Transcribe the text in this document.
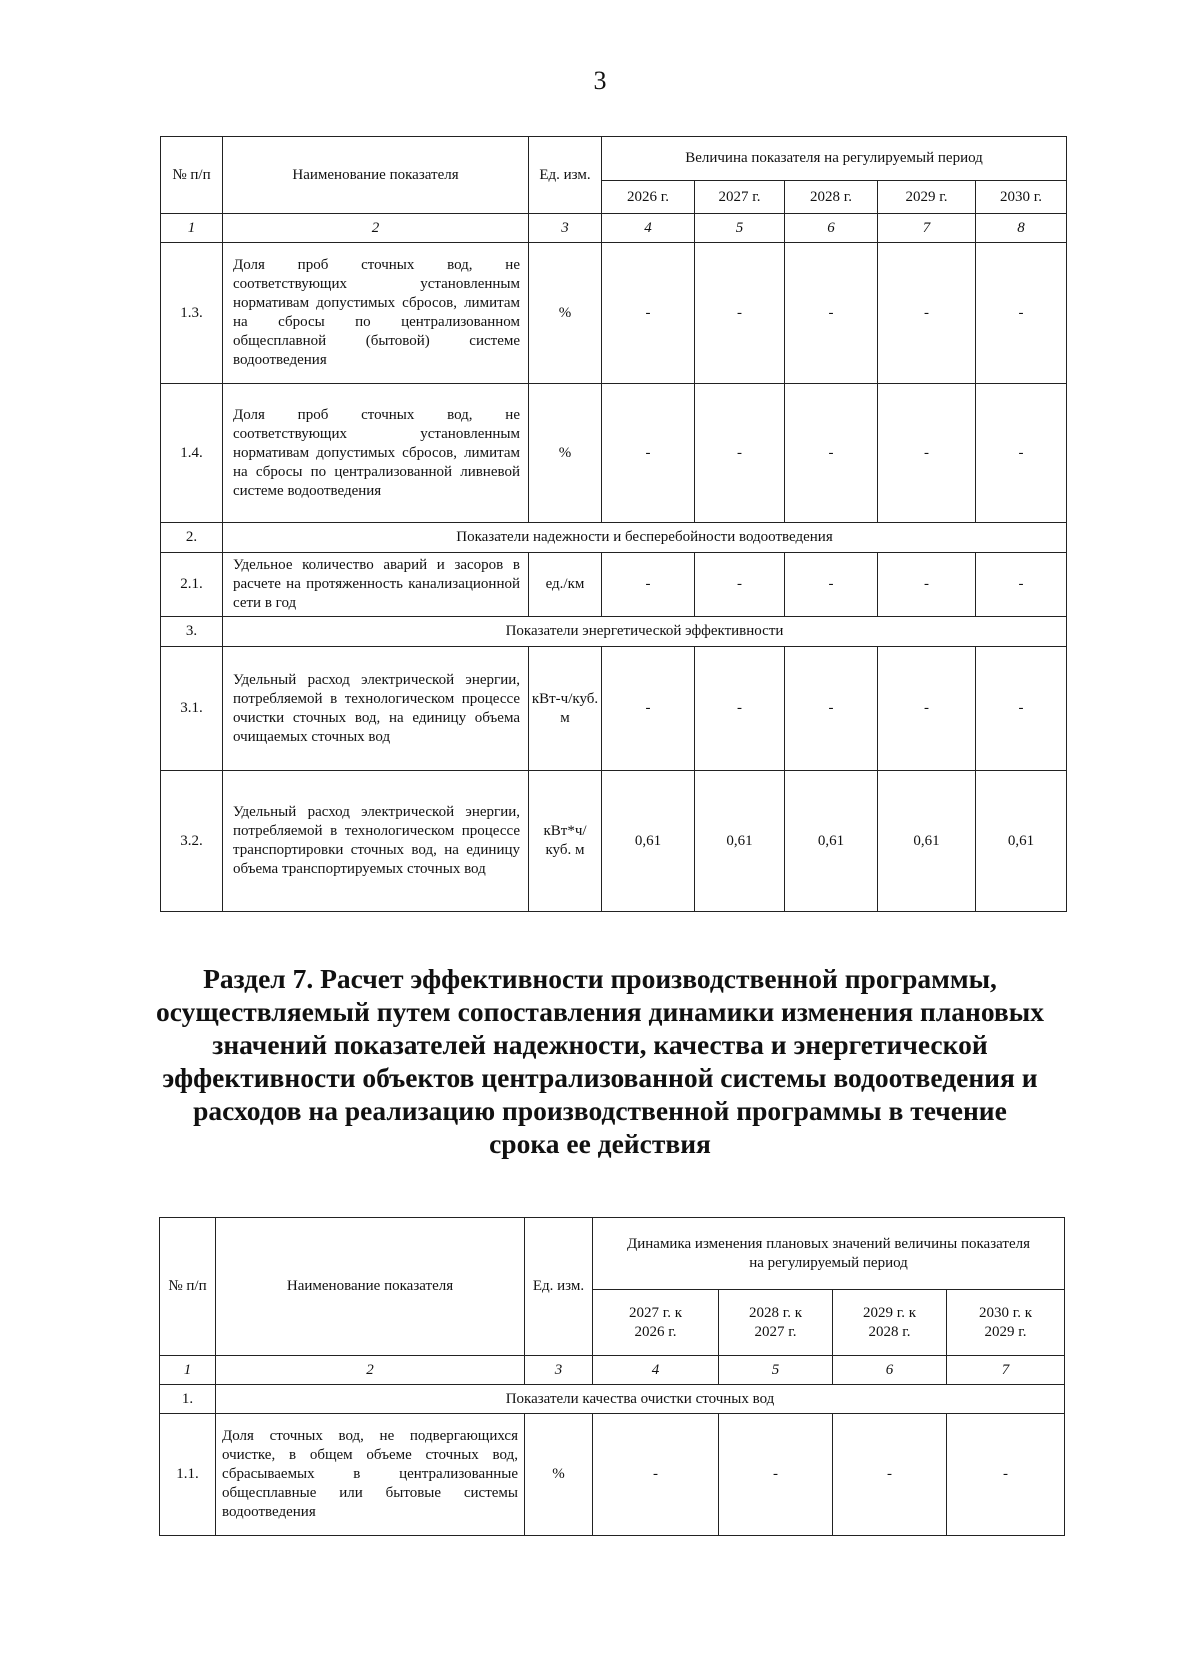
3
№ п/п	Наименование показателя	Ед. изм.	Величина показателя на регулируемый период				
			2026 г.	2027 г.	2028 г.	2029 г.	2030 г.
1	2	3	4	5	6	7	8
1.3.	Доля проб сточных вод, не соответствующих установленным нормативам допустимых сбросов, лимитам на сбросы по централизованном общесплавной (бытовой) системе водоотведения	%	-	-	-	-	-
1.4.	Доля проб сточных вод, не соответствующих установленным нормативам допустимых сбросов, лимитам на сбросы по централизованной ливневой системе водоотведения	%	-	-	-	-	-
2.	Показатели надежности и бесперебойности водоотведения						
2.1.	Удельное количество аварий и засоров в расчете на протяженность канализационной сети в год	ед./км	-	-	-	-	-
3.	Показатели энергетической эффективности						
3.1.	Удельный расход электрической энергии, потребляемой в технологическом процессе очистки сточных вод, на единицу объема очищаемых сточных вод	кВт-ч/куб. м	-	-	-	-	-
3.2.	Удельный расход электрической энергии, потребляемой в технологическом процессе транспортировки сточных вод, на единицу объема транспортируемых сточных вод	кВт*ч/ куб. м	0,61	0,61	0,61	0,61	0,61
Раздел 7. Расчет эффективности производственной программы,
осуществляемый путем сопоставления динамики изменения плановых
значений показателей надежности, качества и энергетической
эффективности объектов централизованной системы водоотведения и
расходов на реализацию производственной программы в течение
срока ее действия
№ п/п	Наименование показателя	Ед. изм.	Динамика изменения плановых значений величины показателя на регулируемый период			
			2027 г. к 2026 г.	2028 г. к 2027 г.	2029 г. к 2028 г.	2030 г. к 2029 г.
1	2	3	4	5	6	7
1.	Показатели качества очистки сточных вод					
1.1.	Доля сточных вод, не подвергающихся очистке, в общем объеме сточных вод, сбрасываемых в централизованные общесплавные или бытовые системы водоотведения	%	-	-	-	-
